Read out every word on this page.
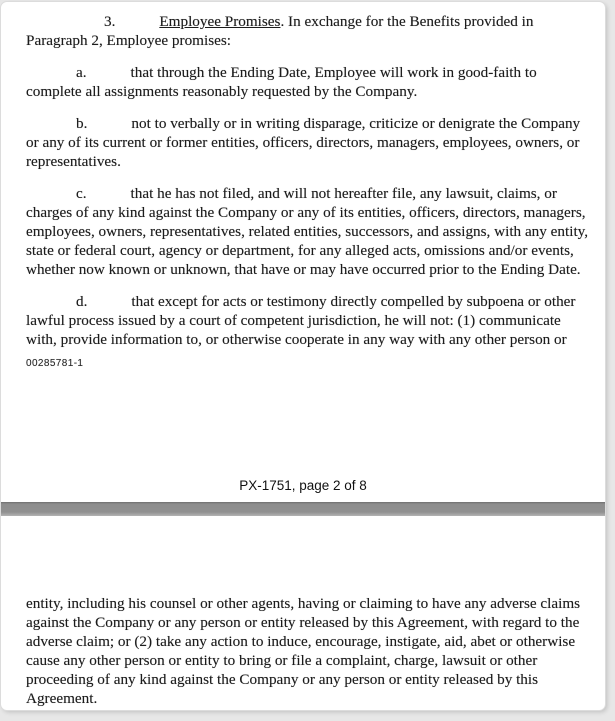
3.	Employee Promises. In exchange for the Benefits provided in Paragraph 2, Employee promises:

a.	that through the Ending Date, Employee will work in good-faith to complete all assignments reasonably requested by the Company.

b.	not to verbally or in writing disparage, criticize or denigrate the Company or any of its current or former entities, officers, directors, managers, employees, owners, or representatives.

c.	that he has not filed, and will not hereafter file, any lawsuit, claims, or charges of any kind against the Company or any of its entities, officers, directors, managers, employees, owners, representatives, related entities, successors, and assigns, with any entity, state or federal court, agency or department, for any alleged acts, omissions and/or events, whether now known or unknown, that have or may have occurred prior to the Ending Date.

d.	that except for acts or testimony directly compelled by subpoena or other lawful process issued by a court of competent jurisdiction, he will not: (1) communicate with, provide information to, or otherwise cooperate in any way with any other person or

00285781-1
PX-1751, page 2 of 8

entity, including his counsel or other agents, having or claiming to have any adverse claims against the Company or any person or entity released by this Agreement, with regard to the adverse claim; or (2) take any action to induce, encourage, instigate, aid, abet or otherwise cause any other person or entity to bring or file a complaint, charge, lawsuit or other proceeding of any kind against the Company or any person or entity released by this Agreement.
